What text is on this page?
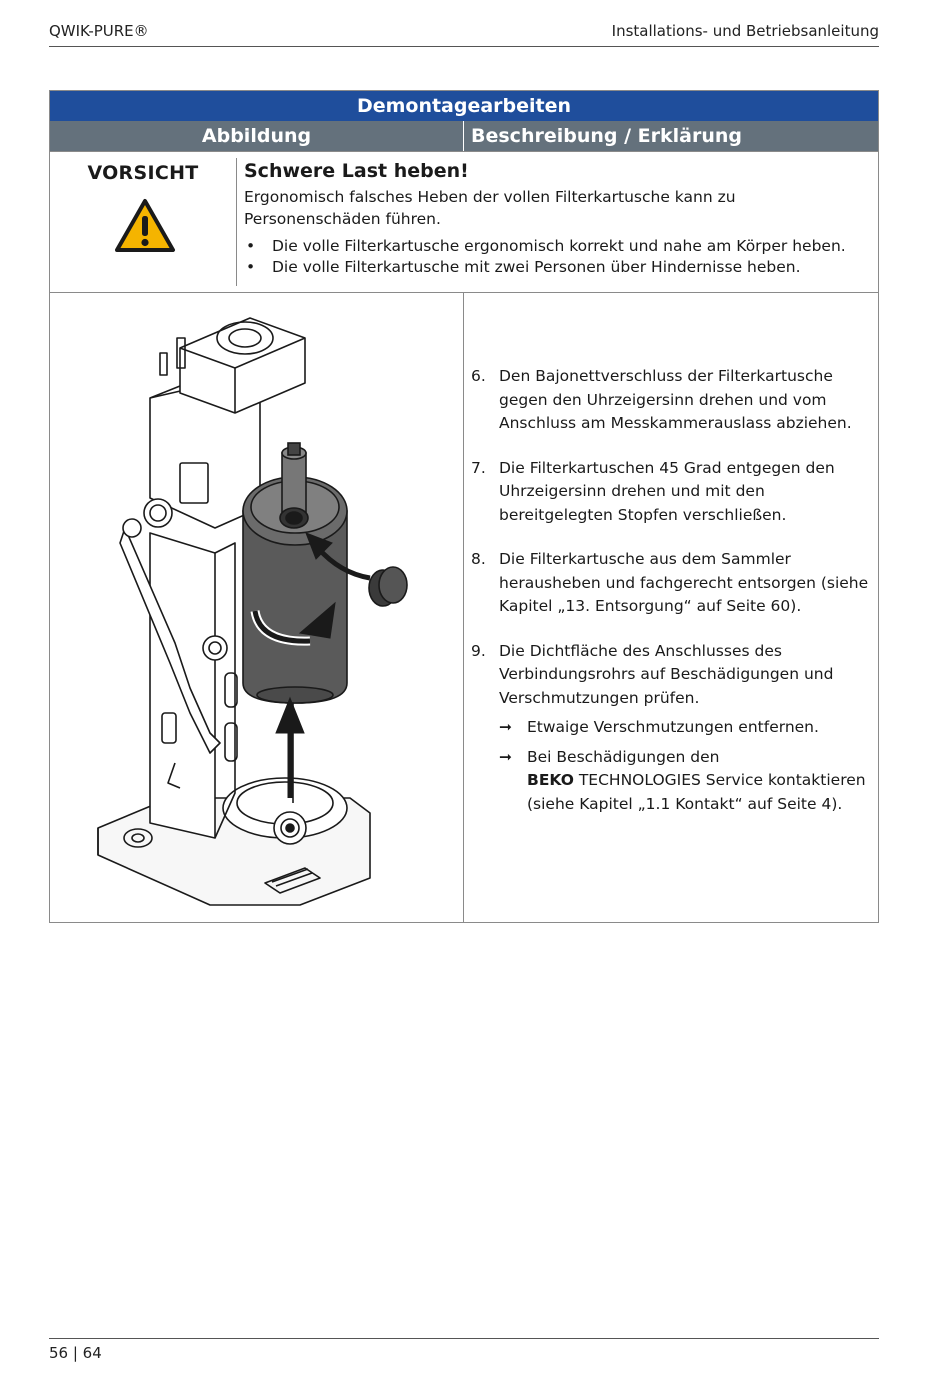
QWIK-PURE®	Installations- und Betriebsanleitung
Demontagearbeiten
Abbildung	Beschreibung / Erklärung
VORSICHT	Schwere Last heben!
Ergonomisch falsches Heben der vollen Filterkartusche kann zu Personenschäden führen.
• Die volle Filterkartusche ergonomisch korrekt und nahe am Körper heben.
• Die volle Filterkartusche mit zwei Personen über Hindernisse heben.
6. Den Bajonettverschluss der Filterkartusche gegen den Uhrzeigersinn drehen und vom Anschluss am Messkammerauslass abziehen.
7. Die Filterkartuschen 45 Grad entgegen den Uhrzeigersinn drehen und mit den bereitgelegten Stopfen verschließen.
8. Die Filterkartusche aus dem Sammler herausheben und fachgerecht entsorgen (siehe Kapitel „13. Entsorgung“ auf Seite 60).
9. Die Dichtfläche des Anschlusses des Verbindungsrohrs auf Beschädigungen und Verschmutzungen prüfen.
➞ Etwaige Verschmutzungen entfernen.
➞ Bei Beschädigungen den
BEKO TECHNOLOGIES Service kontaktieren (siehe Kapitel „1.1 Kontakt“ auf Seite 4).
56 | 64
